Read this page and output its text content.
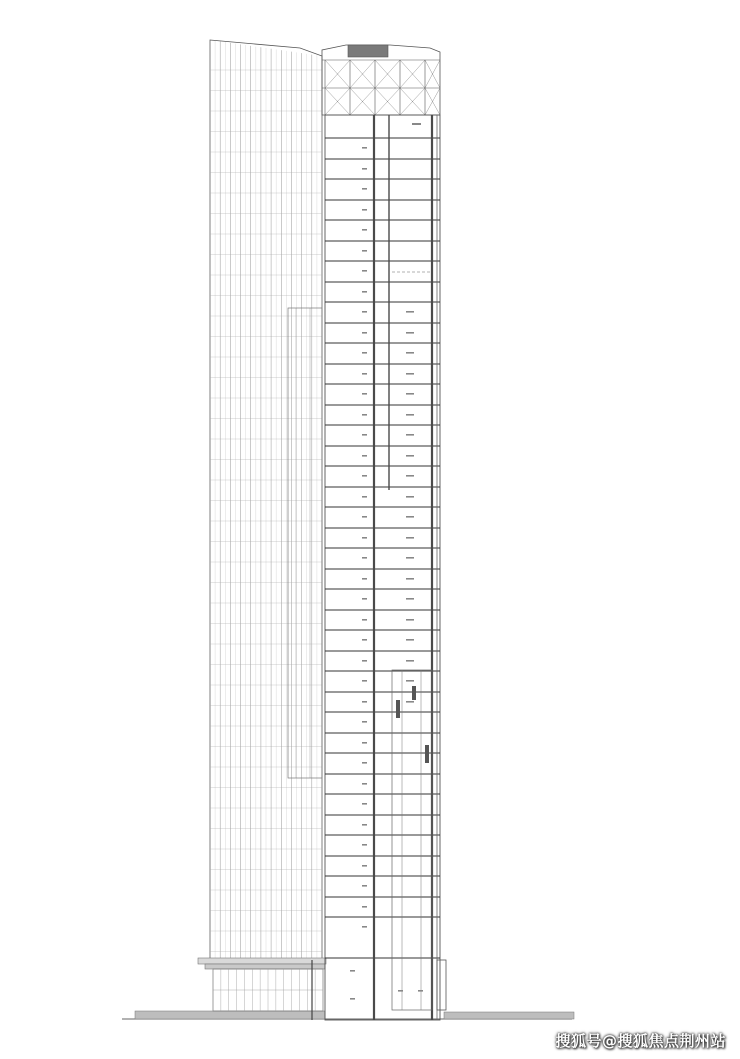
搜狐号@搜狐焦点荆州站
